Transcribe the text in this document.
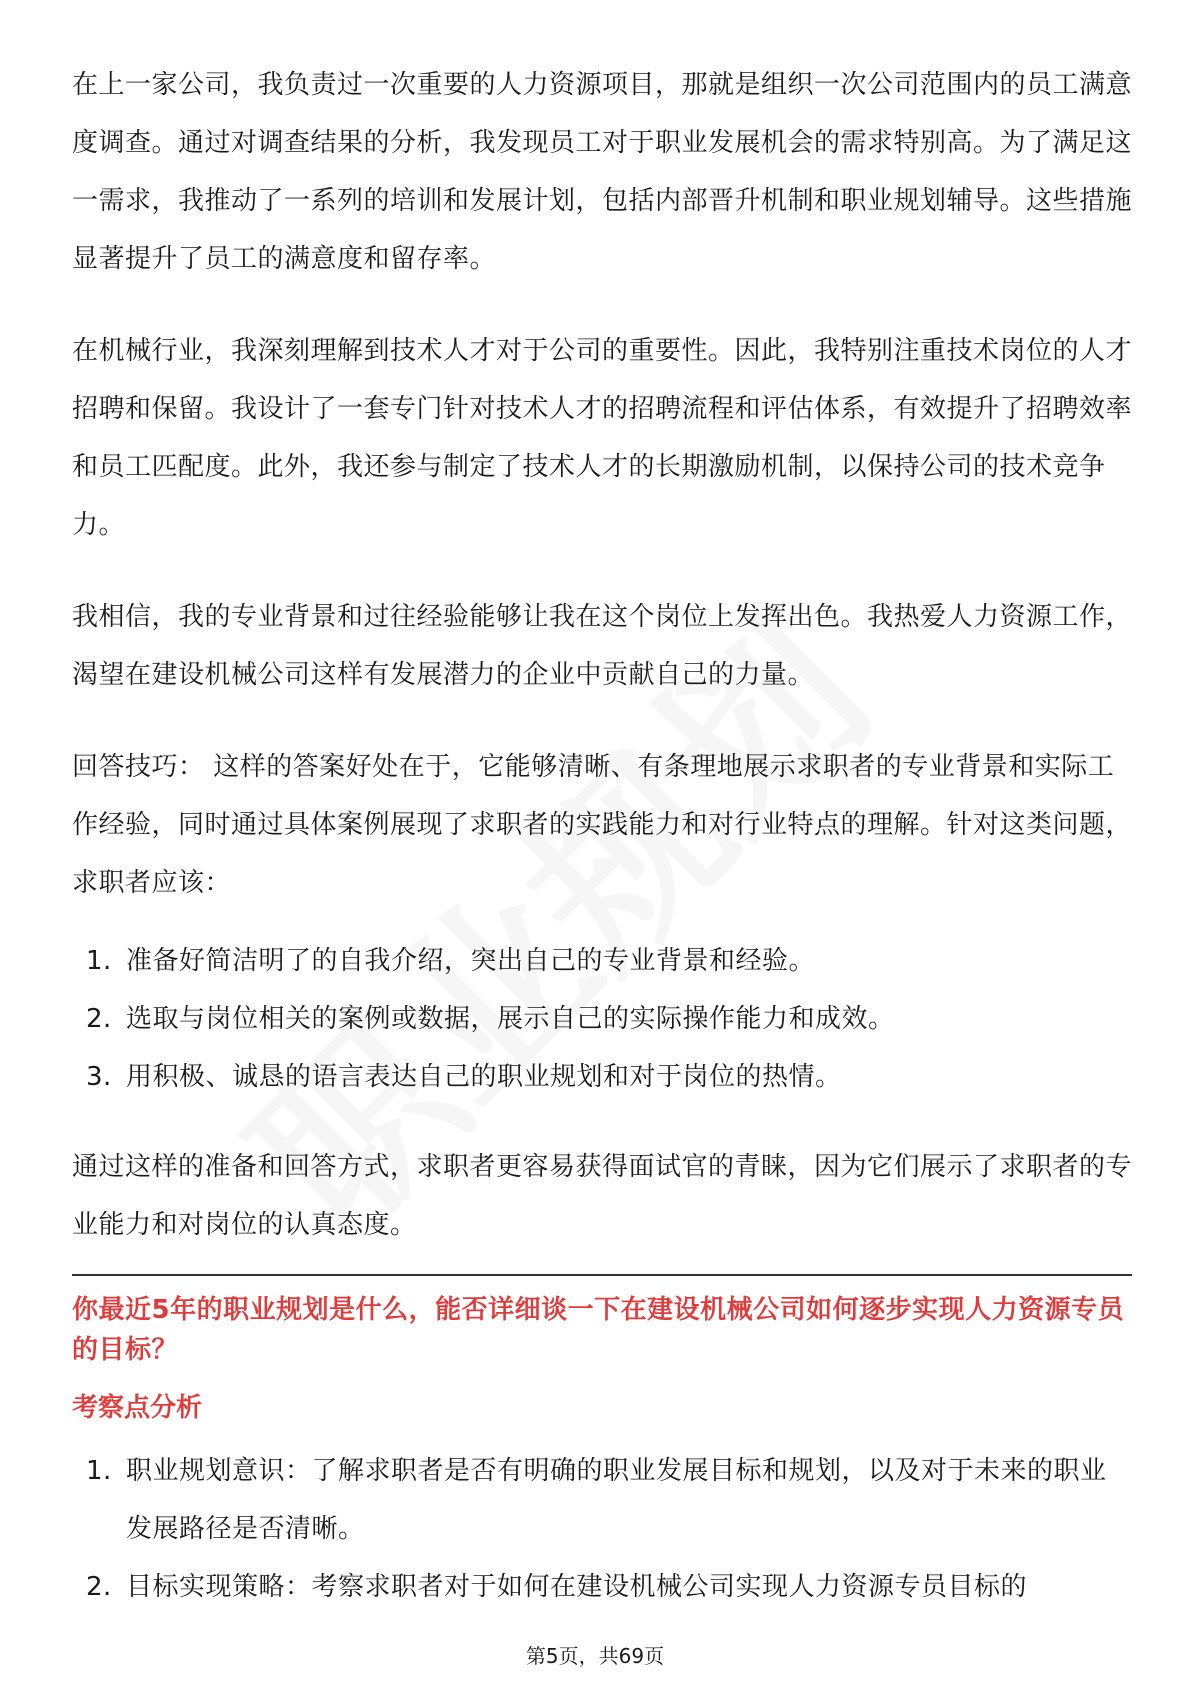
在上一家公司，我负责过一次重要的人力资源项目，那就是组织一次公司范围内的员工满意度调查。通过对调查结果的分析，我发现员工对于职业发展机会的需求特别高。为了满足这一需求，我推动了一系列的培训和发展计划，包括内部晋升机制和职业规划辅导。这些措施显著提升了员工的满意度和留存率。

在机械行业，我深刻理解到技术人才对于公司的重要性。因此，我特别注重技术岗位的人才招聘和保留。我设计了一套专门针对技术人才的招聘流程和评估体系，有效提升了招聘效率和员工匹配度。此外，我还参与制定了技术人才的长期激励机制，以保持公司的技术竞争力。

我相信，我的专业背景和过往经验能够让我在这个岗位上发挥出色。我热爱人力资源工作，渴望在建设机械公司这样有发展潜力的企业中贡献自己的力量。

回答技巧： 这样的答案好处在于，它能够清晰、有条理地展示求职者的专业背景和实际工作经验，同时通过具体案例展现了求职者的实践能力和对行业特点的理解。针对这类问题，求职者应该：

1. 准备好简洁明了的自我介绍，突出自己的专业背景和经验。
2. 选取与岗位相关的案例或数据，展示自己的实际操作能力和成效。
3. 用积极、诚恳的语言表达自己的职业规划和对于岗位的热情。

通过这样的准备和回答方式，求职者更容易获得面试官的青睐，因为它们展示了求职者的专业能力和对岗位的认真态度。

你最近5年的职业规划是什么，能否详细谈一下在建设机械公司如何逐步实现人力资源专员的目标？
考察点分析
1. 职业规划意识：了解求职者是否有明确的职业发展目标和规划，以及对于未来的职业发展路径是否清晰。
2. 目标实现策略：考察求职者对于如何在建设机械公司实现人力资源专员目标的
第5页，共69页
